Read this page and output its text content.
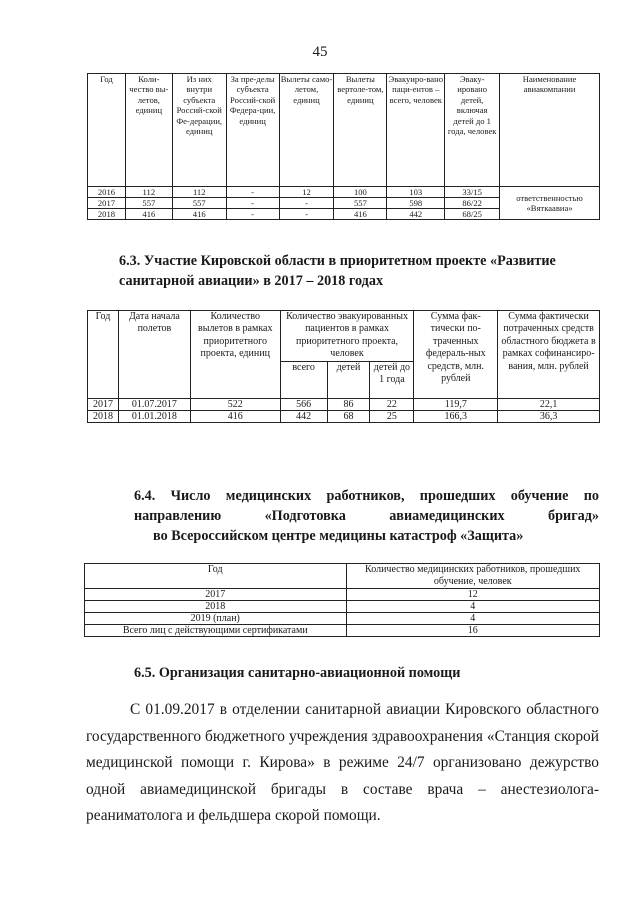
45
Год	Коли-чество вы-летов, единиц	Из них внутри субъекта Россий-ской Фе-дерации, единиц	За пре-делы субъекта Россий-ской Федера-ции, единиц	Вылеты само-летом, единиц	Вылеты вертоле-том, единиц	Эвакуиро-вано паци-ентов – всего, человек	Эваку-ировано детей, включая детей до 1 года, человек	Наименование авиакомпании
2016	112	112	-	12	100	103	33/15	ответственностью «Вяткаавиа»
2017	557	557	-	-	557	598	86/22	
2018	416	416	-	-	416	442	68/25	
6.3. Участие Кировской области в приоритетном проекте «Развитие санитарной авиации» в 2017 – 2018 годах
Год	Дата начала полетов	Количество вылетов в рамках приоритетного проекта, единиц	Количество эвакуированных пациентов в рамках приоритетного проекта, человек			Сумма фак-тически по-траченных федераль-ных средств, млн. рублей	Сумма фактически потраченных средств областного бюджета в рамках софинансиро-вания, млн. рублей
			всего	детей	детей до 1 года		
2017	01.07.2017	522	566	86	22	119,7	22,1
2018	01.01.2018	416	442	68	25	166,3	36,3
6.4. Число медицинских работников, прошедших обучение по направлению «Подготовка авиамедицинских бригад»
во Всероссийском центре медицины катастроф «Защита»
Год	Количество медицинских работников, прошедших обучение, человек
2017	12
2018	4
2019 (план)	4
Всего лиц с действующими сертификатами	16
6.5. Организация санитарно-авиационной помощи
С 01.09.2017 в отделении санитарной авиации Кировского областного государственного бюджетного учреждения здравоохранения «Станция скорой медицинской помощи г. Кирова» в режиме 24/7 организовано дежурство одной авиамедицинской бригады в составе врача – анестезиолога-реаниматолога и фельдшера скорой помощи.
